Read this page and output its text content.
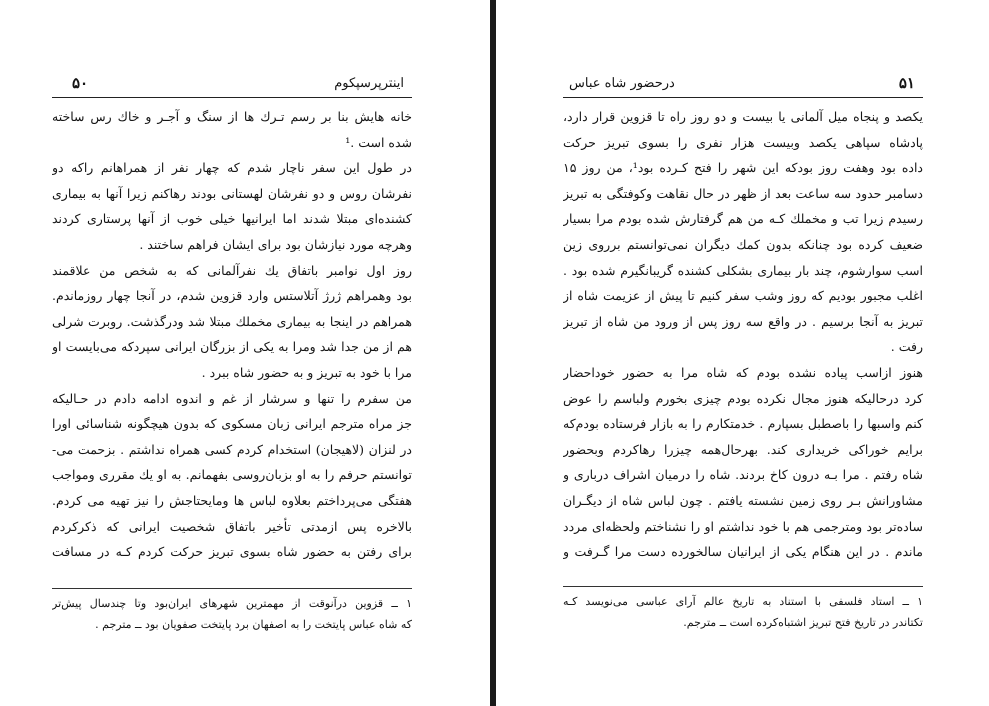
اینترپرسپکوم
۵۰
خانه هایش بنا بر رسم تـرك ها از سنگ و آجـر و خاك رس ساخته
شده است .¹
در طول این سفر ناچار شدم که چهار نفر از همراهانم راکه دو
نفرشان روس و دو نفرشان لهستانی بودند رهاکنم زیرا آنها به بیماری
کشنده‌ای مبتلا شدند اما ایرانیها خیلی خوب از آنها پرستاری کردند
وهرچه مورد نیازشان بود برای ایشان فراهم ساختند .
روز اول نوامبر باتفاق یك نفرآلمانی که به شخص من علاقمند
بود وهمراهم ژرژ آتلاستس وارد قزوین شدم، در آنجا چهار روزماندم.
همراهم در اینجا به بیماری مخملك مبتلا شد ودرگذشت. روبرت شرلی
هم از من جدا شد ومرا به یکی از بزرگان ایرانی سپردکه می‌بایست او
مرا با خود به تبریز و به حضور شاه ببرد .
من سفرم را تنها و سرشار از غم و اندوه ادامه دادم در حـالیکه
جز مراه مترجم ایرانی زبان مسکوی که بدون هیچگونه شناسائی اورا
در لنزان (لاهیجان) استخدام کردم کسی همراه نداشتم . بزحمت می-
توانستم حرفم را به او بزبان‌روسی بفهمانم. به او یك مقرری ومواجب
هفتگی می‌پرداختم بعلاوه لباس ها ومایحتاجش را نیز تهیه می کردم.
بالاخره پس ازمدتی تأخیر باتفاق شخصیت ایرانی که ذکرکردم
برای رفتن به حضور شاه بسوی تبریز حرکت کردم کـه در مسافت
۱ ــ قزوین درآنوقت از مهمترین شهرهای ایران‌بود وتا چندسال پیش‌تر
که شاه عباس پایتخت را به اصفهان برد پایتخت صفویان بود ــ مترجم .
۵۱
درحضور شاه عباس
یکصد و پنجاه میل آلمانی یا بیست و دو روز راه تا قزوین قرار دارد،
پادشاه سپاهی یکصد وبیست هزار نفری را بسوی تبریز حرکت
داده بود وهفت روز بودکه این شهر را فتح کـرده بود¹، من روز ۱۵
دسامبر حدود سه ساعت بعد از ظهر در حال نقاهت وکوفتگی به تبریز
رسیدم زیرا تب و مخملك کـه من هم گرفتارش شده بودم مرا بسیار
ضعیف کرده بود چنانکه بدون کمك دیگران نمی‌توانستم برروی زین
اسب سوارشوم، چند بار بیماری بشکلی کشنده گریبانگیرم شده بود .
اغلب مجبور بودیم که روز وشب سفر کنیم تا پیش از عزیمت شاه از
تبریز به آنجا برسیم . در واقع سه روز پس از ورود من شاه از تبریز
رفت .
هنوز ازاسب پیاده نشده بودم که شاه مرا به حضور خوداحضار
کرد درحالیکه هنوز مجال نکرده بودم چیزی بخورم ولباسم را عوض
کنم واسبها را باصطبل بسپارم . خدمتکارم را به بازار فرستاده بودم‌که
برایم خوراکی خریداری کند. بهرحال‌همه چیزرا رهاکردم وبحضور
شاه رفتم . مرا بـه درون کاخ بردند. شاه را درمیان اشراف درباری و
مشاورانش بـر روی زمین نشسته یافتم . چون لباس شاه از دیگـران
ساده‌تر بود ومترجمی هم با خود نداشتم او را نشناختم ولحظه‌ای مردد
ماندم . در این هنگام یکی از ایرانیان سالخورده دست مرا گـرفت و
۱ ــ استاد فلسفی با استناد به تاریخ عالم آرای عباسی می‌نویسد کـه
تکتاندر در تاریخ فتح تبریز اشتباه‌کرده است ــ مترجم.
